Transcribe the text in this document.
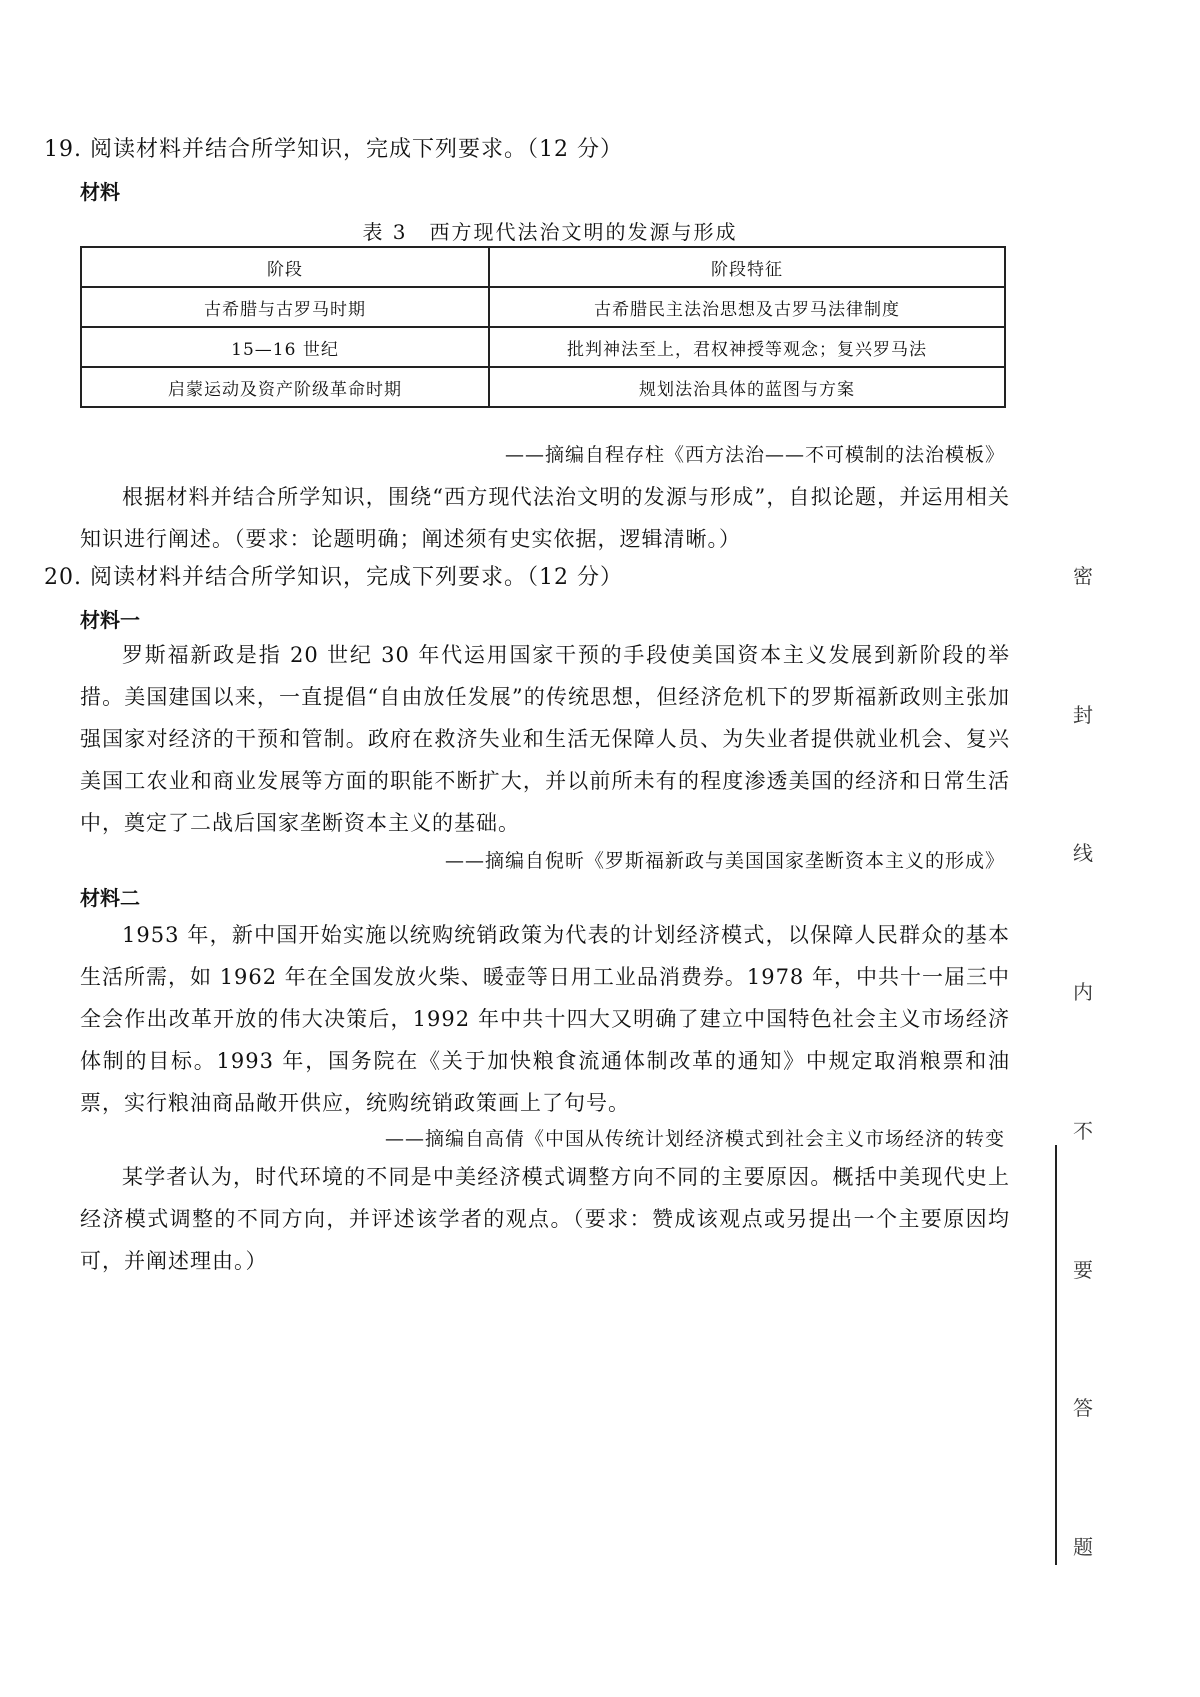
19. 阅读材料并结合所学知识，完成下列要求。（12 分）
材料
表 3　西方现代法治文明的发源与形成
阶段	阶段特征
古希腊与古罗马时期	古希腊民主法治思想及古罗马法律制度
15—16 世纪	批判神法至上，君权神授等观念；复兴罗马法
启蒙运动及资产阶级革命时期	规划法治具体的蓝图与方案
——摘编自程存柱《西方法治——不可模制的法治模板》
根据材料并结合所学知识，围绕“西方现代法治文明的发源与形成”，自拟论题，并运用相关知识进行阐述。（要求：论题明确；阐述须有史实依据，逻辑清晰。）
20. 阅读材料并结合所学知识，完成下列要求。（12 分）
材料一
罗斯福新政是指 20 世纪 30 年代运用国家干预的手段使美国资本主义发展到新阶段的举措。美国建国以来，一直提倡“自由放任发展”的传统思想，但经济危机下的罗斯福新政则主张加强国家对经济的干预和管制。政府在救济失业和生活无保障人员、为失业者提供就业机会、复兴美国工农业和商业发展等方面的职能不断扩大，并以前所未有的程度渗透美国的经济和日常生活中，奠定了二战后国家垄断资本主义的基础。
——摘编自倪昕《罗斯福新政与美国国家垄断资本主义的形成》
材料二
1953 年，新中国开始实施以统购统销政策为代表的计划经济模式，以保障人民群众的基本生活所需，如 1962 年在全国发放火柴、暖壶等日用工业品消费券。1978 年，中共十一届三中全会作出改革开放的伟大决策后，1992 年中共十四大又明确了建立中国特色社会主义市场经济体制的目标。1993 年，国务院在《关于加快粮食流通体制改革的通知》中规定取消粮票和油票，实行粮油商品敞开供应，统购统销政策画上了句号。
——摘编自高倩《中国从传统计划经济模式到社会主义市场经济的转变
某学者认为，时代环境的不同是中美经济模式调整方向不同的主要原因。概括中美现代史上经济模式调整的不同方向，并评述该学者的观点。（要求：赞成该观点或另提出一个主要原因均可，并阐述理由。）
密
封
线
内
不
要
答
题
